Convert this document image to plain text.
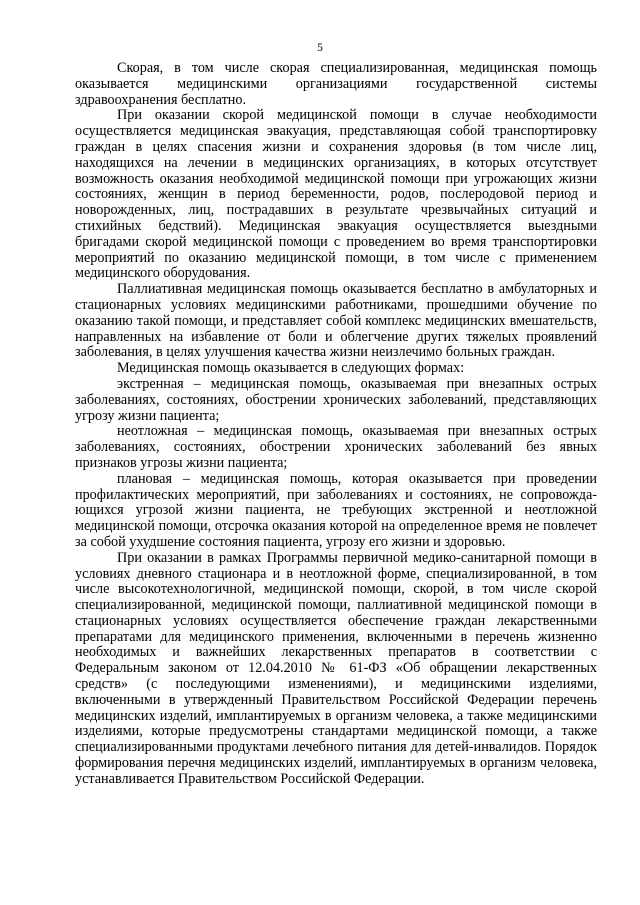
5

Скорая, в том числе скорая специализированная, медицинская помощь оказывается медицинскими организациями государственной системы здравоохранения бесплатно.

При оказании скорой медицинской помощи в случае необходимости осуществляется медицинская эвакуация, представляющая собой транспортировку граждан в целях спасения жизни и сохранения здоровья (в том числе лиц, находящихся на лечении в медицинских организациях, в которых отсутствует возможность оказания необходимой медицинской помощи при угрожающих жизни состояниях, женщин в период беременности, родов, послеродовой период и новорожденных, лиц, пострадавших в результате чрезвычайных ситуаций и стихийных бедствий). Медицинская эвакуация осуществляется выездными бригадами скорой медицинской помощи с проведением во время транспортировки мероприятий по оказанию медицинской помощи, в том числе с применением медицинского оборудования.

Паллиативная медицинская помощь оказывается бесплатно в амбулаторных и стационарных условиях медицинскими работниками, прошедшими обучение по оказанию такой помощи, и представляет собой комплекс медицинских вмешательств, направленных на избавление от боли и облегчение других тяжелых проявлений заболевания, в целях улучшения качества жизни неизлечимо больных граждан.

Медицинская помощь оказывается в следующих формах:

экстренная – медицинская помощь, оказываемая при внезапных острых заболеваниях, состояниях, обострении хронических заболеваний, представляющих угрозу жизни пациента;

неотложная – медицинская помощь, оказываемая при внезапных острых заболеваниях, состояниях, обострении хронических заболеваний без явных признаков угрозы жизни пациента;

плановая – медицинская помощь, которая оказывается при проведении профилактических мероприятий, при заболеваниях и состояниях, не сопровождающихся угрозой жизни пациента, не требующих экстренной и неотложной медицинской помощи, отсрочка оказания которой на определенное время не повлечет за собой ухудшение состояния пациента, угрозу его жизни и здоровью.

При оказании в рамках Программы первичной медико-санитарной помощи в условиях дневного стационара и в неотложной форме, специализированной, в том числе высокотехнологичной, медицинской помощи, скорой, в том числе скорой специализированной, медицинской помощи, паллиативной медицинской помощи в стационарных условиях осуществляется обеспечение граждан лекарственными препаратами для медицинского применения, включенными в перечень жизненно необходимых и важнейших лекарственных препаратов в соответствии с Федеральным законом от 12.04.2010 № 61-ФЗ «Об обращении лекарственных средств» (с последующими изменениями), и медицинскими изделиями, включенными в утвержденный Правительством Российской Федерации перечень медицинских изделий, имплантируемых в организм человека, а также медицинскими изделиями, которые предусмотрены стандартами медицинской помощи, а также специализированными продуктами лечебного питания для детей-инвалидов. Порядок формирования перечня медицинских изделий, имплантируемых в организм человека, устанавливается Правительством Российской Федерации.
